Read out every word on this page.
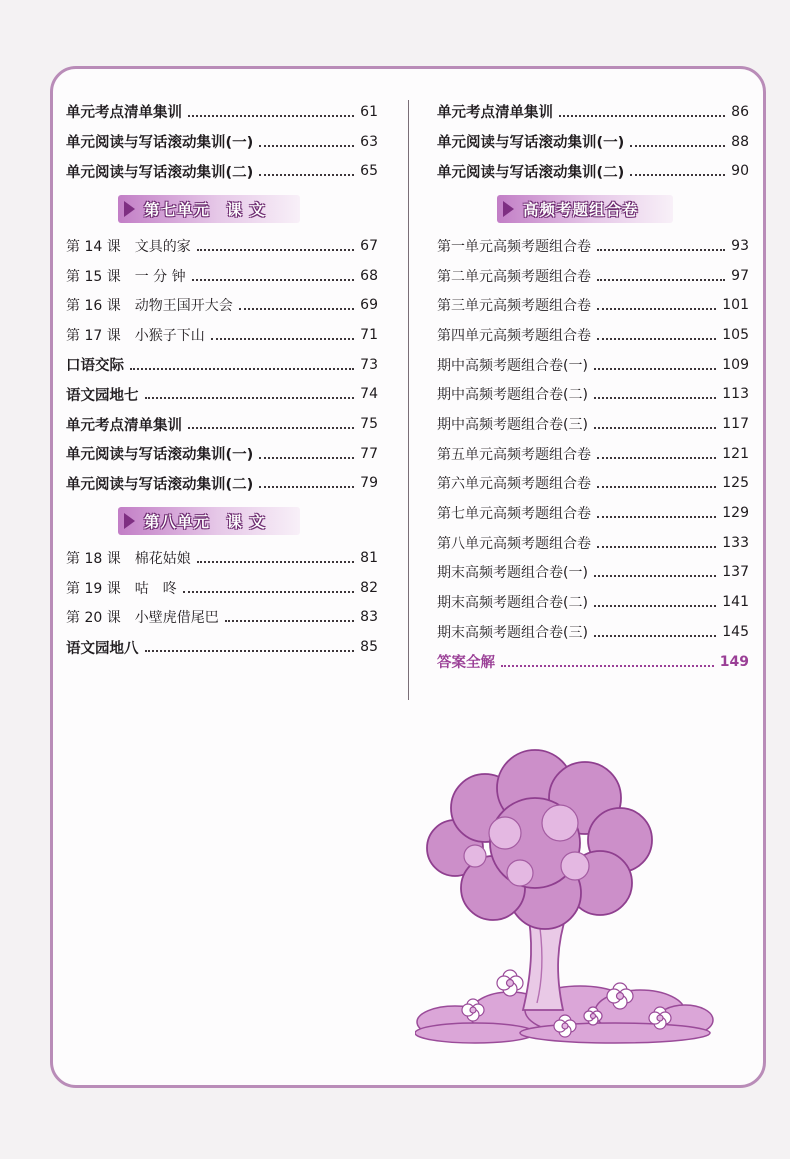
单元考点清单集训	61
单元阅读与写话滚动集训(一)	63
单元阅读与写话滚动集训(二)	65
第七单元　课 文
第 14 课　文具的家	67
第 15 课　一 分 钟	68
第 16 课　动物王国开大会	69
第 17 课　小猴子下山	71
口语交际	73
语文园地七	74
单元考点清单集训	75
单元阅读与写话滚动集训(一)	77
单元阅读与写话滚动集训(二)	79
第八单元　课 文
第 18 课　棉花姑娘	81
第 19 课　咕　咚	82
第 20 课　小壁虎借尾巴	83
语文园地八	85
单元考点清单集训	86
单元阅读与写话滚动集训(一)	88
单元阅读与写话滚动集训(二)	90
高频考题组合卷
第一单元高频考题组合卷	93
第二单元高频考题组合卷	97
第三单元高频考题组合卷	101
第四单元高频考题组合卷	105
期中高频考题组合卷(一)	109
期中高频考题组合卷(二)	113
期中高频考题组合卷(三)	117
第五单元高频考题组合卷	121
第六单元高频考题组合卷	125
第七单元高频考题组合卷	129
第八单元高频考题组合卷	133
期末高频考题组合卷(一)	137
期末高频考题组合卷(二)	141
期末高频考题组合卷(三)	145
答案全解	149
